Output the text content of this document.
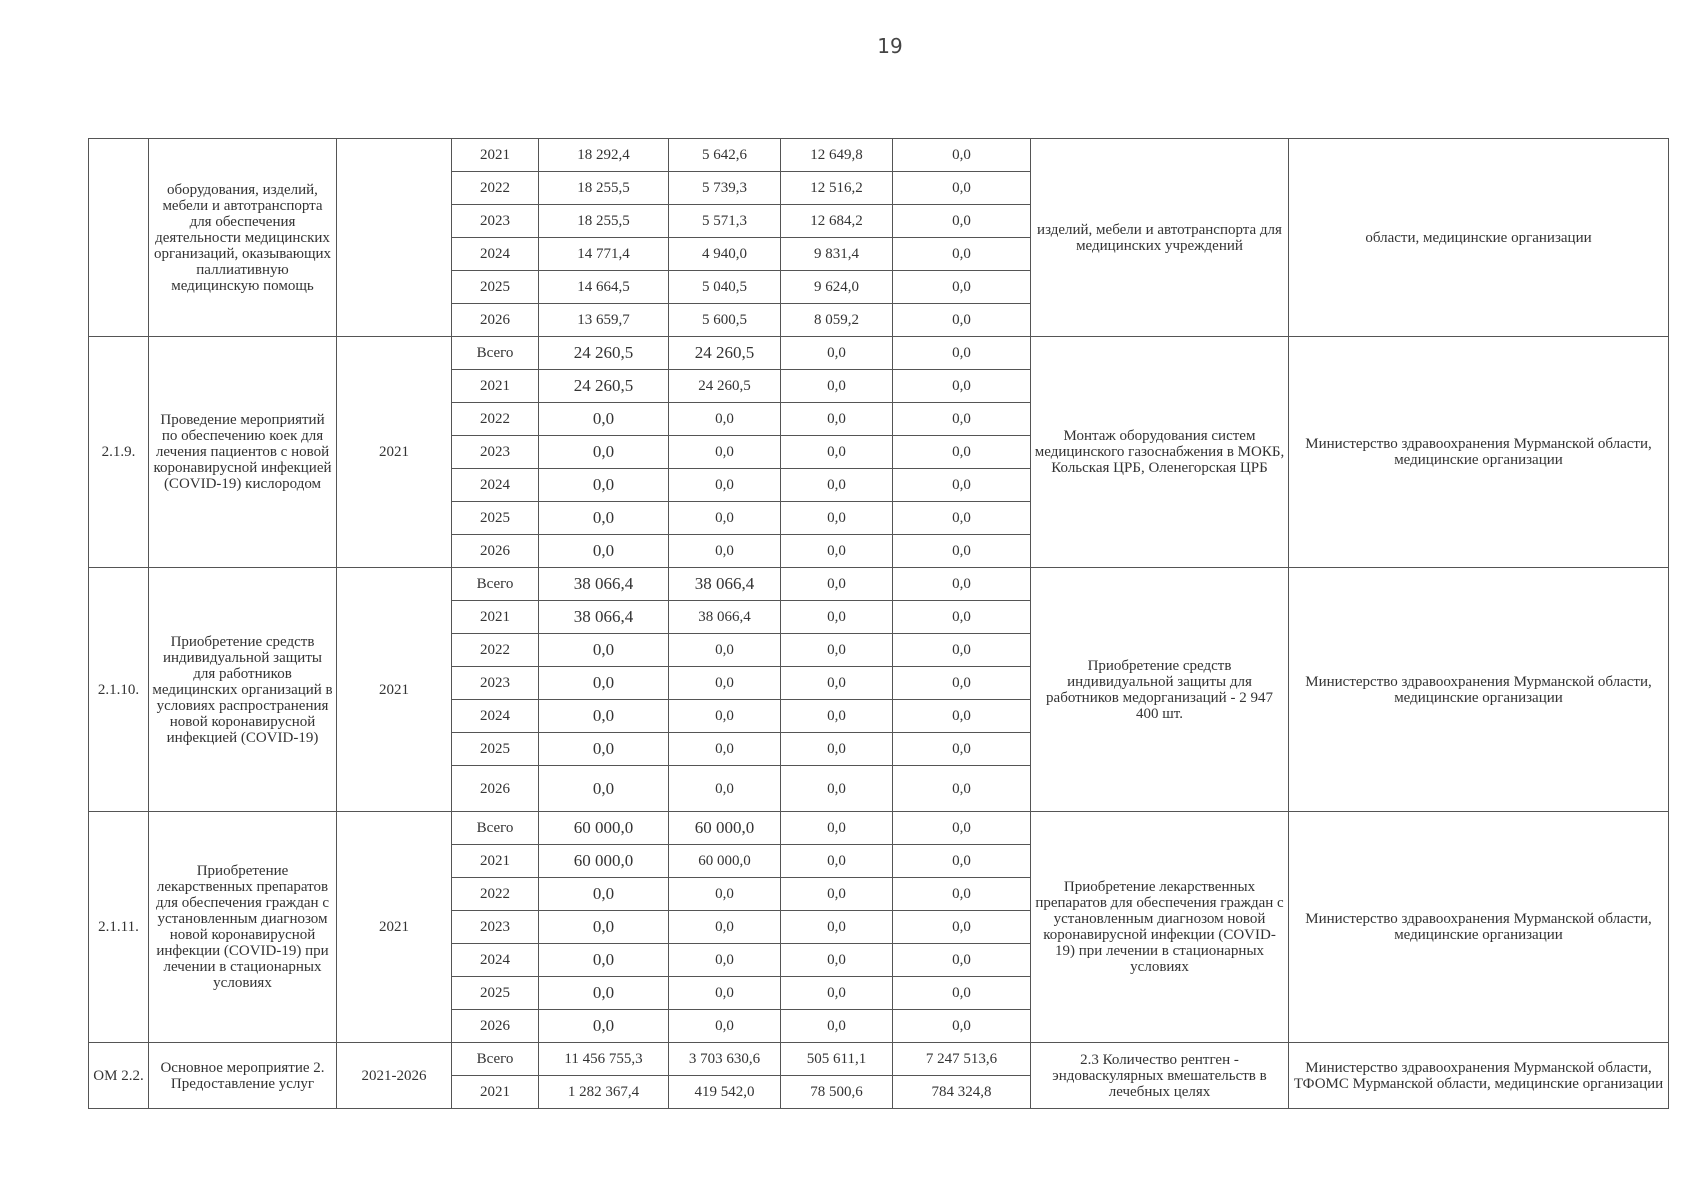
19
	оборудования, изделий, мебели и автотранспорта для обеспечения деятельности медицинских организаций, оказывающих паллиативную медицинскую помощь		2021	18 292,4	5 642,6	12 649,8	0,0	изделий, мебели и автотранспорта для медицинских учреждений	области, медицинские организации
			2022	18 255,5	5 739,3	12 516,2	0,0		
			2023	18 255,5	5 571,3	12 684,2	0,0		
			2024	14 771,4	4 940,0	9 831,4	0,0		
			2025	14 664,5	5 040,5	9 624,0	0,0		
			2026	13 659,7	5 600,5	8 059,2	0,0		
2.1.9.	Проведение мероприятий по обеспечению коек для лечения пациентов с новой коронавирусной инфекцией (COVID-19) кислородом	2021	Всего	24 260,5	24 260,5	0,0	0,0	Монтаж оборудования систем медицинского газоснабжения в МОКБ, Кольская ЦРБ, Оленегорская ЦРБ	Министерство здравоохранения Мурманской области, медицинские организации
			2021	24 260,5	24 260,5	0,0	0,0		
			2022	0,0	0,0	0,0	0,0		
			2023	0,0	0,0	0,0	0,0		
			2024	0,0	0,0	0,0	0,0		
			2025	0,0	0,0	0,0	0,0		
			2026	0,0	0,0	0,0	0,0		
2.1.10.	Приобретение средств индивидуальной защиты для работников медицинских организаций в условиях распространения новой коронавирусной инфекцией (COVID-19)	2021	Всего	38 066,4	38 066,4	0,0	0,0	Приобретение средств индивидуальной защиты для работников медорганизаций - 2 947 400 шт.	Министерство здравоохранения Мурманской области, медицинские организации
			2021	38 066,4	38 066,4	0,0	0,0		
			2022	0,0	0,0	0,0	0,0		
			2023	0,0	0,0	0,0	0,0		
			2024	0,0	0,0	0,0	0,0		
			2025	0,0	0,0	0,0	0,0		
			2026	0,0	0,0	0,0	0,0		
2.1.11.	Приобретение лекарственных препаратов для обеспечения граждан с установленным диагнозом новой коронавирусной инфекции (COVID-19) при лечении в стационарных условиях	2021	Всего	60 000,0	60 000,0	0,0	0,0	Приобретение лекарственных препаратов для обеспечения граждан с установленным диагнозом новой коронавирусной инфекции (COVID-19) при лечении в стационарных условиях	Министерство здравоохранения Мурманской области, медицинские организации
			2021	60 000,0	60 000,0	0,0	0,0		
			2022	0,0	0,0	0,0	0,0		
			2023	0,0	0,0	0,0	0,0		
			2024	0,0	0,0	0,0	0,0		
			2025	0,0	0,0	0,0	0,0		
			2026	0,0	0,0	0,0	0,0		
ОМ 2.2.	Основное мероприятие 2. Предоставление услуг	2021-2026	Всего	11 456 755,3	3 703 630,6	505 611,1	7 247 513,6	2.3 Количество рентген - эндоваскулярных вмешательств в лечебных целях	Министерство здравоохранения Мурманской области, ТФОМС Мурманской области, медицинские организации
			2021	1 282 367,4	419 542,0	78 500,6	784 324,8		
